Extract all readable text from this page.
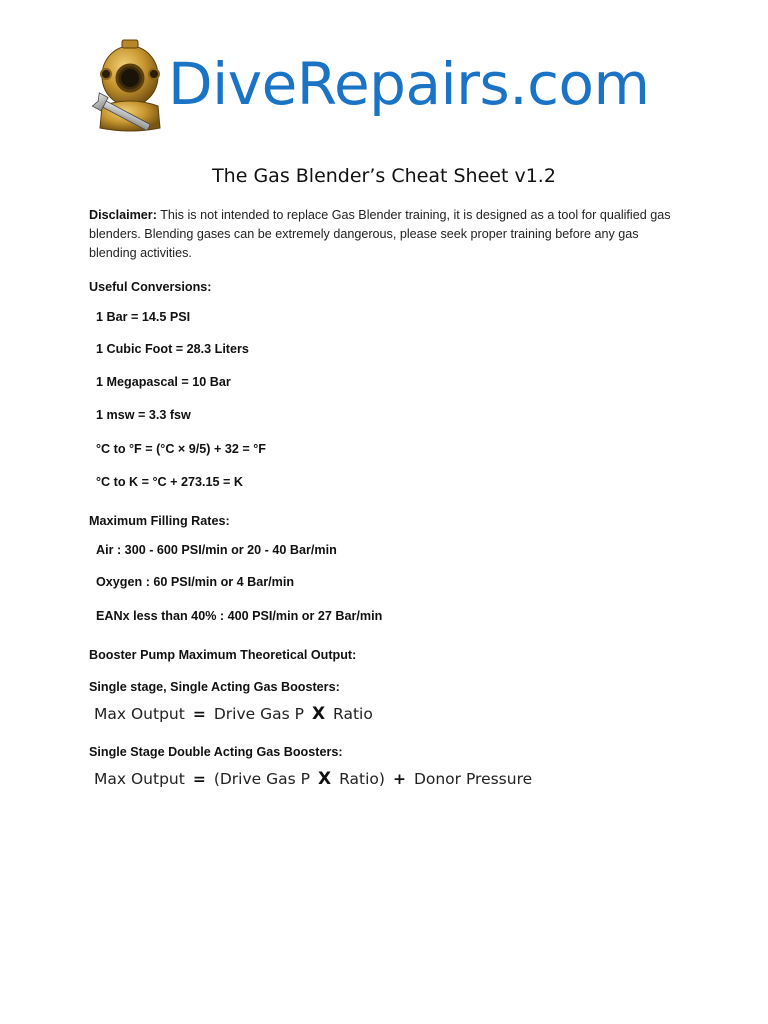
DiveRepairs.com
The Gas Blender’s Cheat Sheet v1.2
Disclaimer: This is not intended to replace Gas Blender training, it is designed as a tool for qualified gas blenders. Blending gases can be extremely dangerous, please seek proper training before any gas blending activities.
Useful Conversions:
1 Bar = 14.5 PSI
1 Cubic Foot = 28.3 Liters
1 Megapascal = 10 Bar
1 msw = 3.3 fsw
°C to °F = (°C × 9/5) + 32 = °F
°C to K = °C + 273.15 = K
Maximum Filling Rates:
Air : 300 - 600 PSI/min or 20 - 40 Bar/min
Oxygen : 60 PSI/min or 4 Bar/min
EANx less than 40% : 400 PSI/min or 27 Bar/min
Booster Pump Maximum Theoretical Output:
Single stage, Single Acting Gas Boosters:
Max Output = Drive Gas P X Ratio
Single Stage Double Acting Gas Boosters:
Max Output = (Drive Gas P X Ratio) + Donor Pressure
